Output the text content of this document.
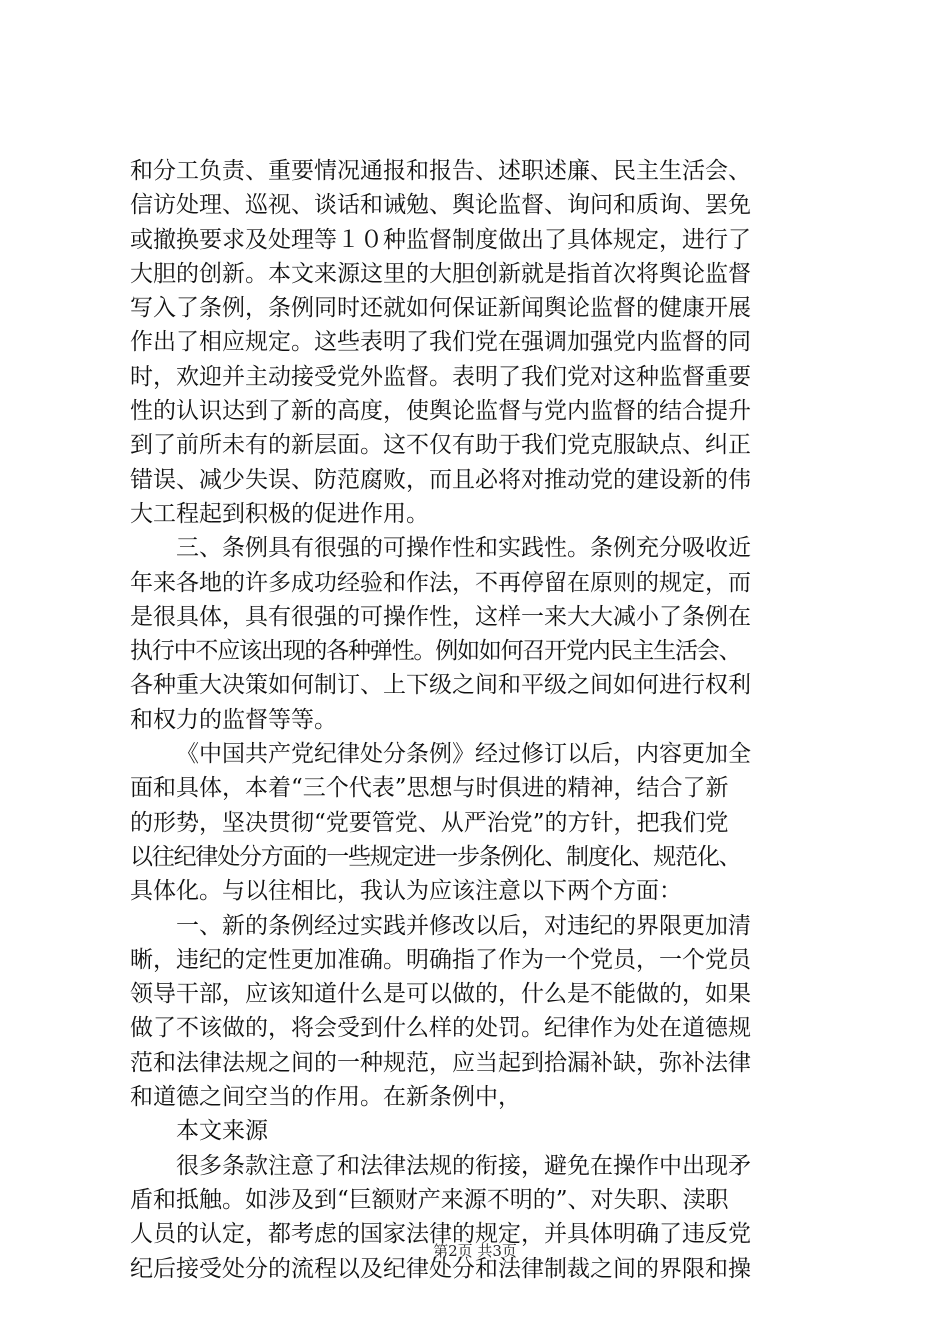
和分工负责、重要情况通报和报告、述职述廉、民主生活会、
信访处理、巡视、谈话和诫勉、舆论监督、询问和质询、罢免
或撤换要求及处理等１０种监督制度做出了具体规定，进行了
大胆的创新。本文来源这里的大胆创新就是指首次将舆论监督
写入了条例，条例同时还就如何保证新闻舆论监督的健康开展
作出了相应规定。这些表明了我们党在强调加强党内监督的同
时，欢迎并主动接受党外监督。表明了我们党对这种监督重要
性的认识达到了新的高度，使舆论监督与党内监督的结合提升
到了前所未有的新层面。这不仅有助于我们党克服缺点、纠正
错误、减少失误、防范腐败，而且必将对推动党的建设新的伟
大工程起到积极的促进作用。
三、条例具有很强的可操作性和实践性。条例充分吸收近
年来各地的许多成功经验和作法，不再停留在原则的规定，而
是很具体，具有很强的可操作性，这样一来大大减小了条例在
执行中不应该出现的各种弹性。例如如何召开党内民主生活会、
各种重大决策如何制订、上下级之间和平级之间如何进行权利
和权力的监督等等。
《中国共产党纪律处分条例》经过修订以后，内容更加全
面和具体，本着“三个代表”思想与时俱进的精神，结合了新
的形势，坚决贯彻“党要管党、从严治党”的方针，把我们党
以往纪律处分方面的一些规定进一步条例化、制度化、规范化、
具体化。与以往相比，我认为应该注意以下两个方面：
一、新的条例经过实践并修改以后，对违纪的界限更加清
晰，违纪的定性更加准确。明确指了作为一个党员，一个党员
领导干部，应该知道什么是可以做的，什么是不能做的，如果
做了不该做的，将会受到什么样的处罚。纪律作为处在道德规
范和法律法规之间的一种规范，应当起到拾漏补缺，弥补法律
和道德之间空当的作用。在新条例中，
本文来源
很多条款注意了和法律法规的衔接，避免在操作中出现矛
盾和抵触。如涉及到“巨额财产来源不明的”、对失职、渎职
人员的认定，都考虑的国家法律的规定，并具体明确了违反党
纪后接受处分的流程以及纪律处分和法律制裁之间的界限和操
第2页 共3页
